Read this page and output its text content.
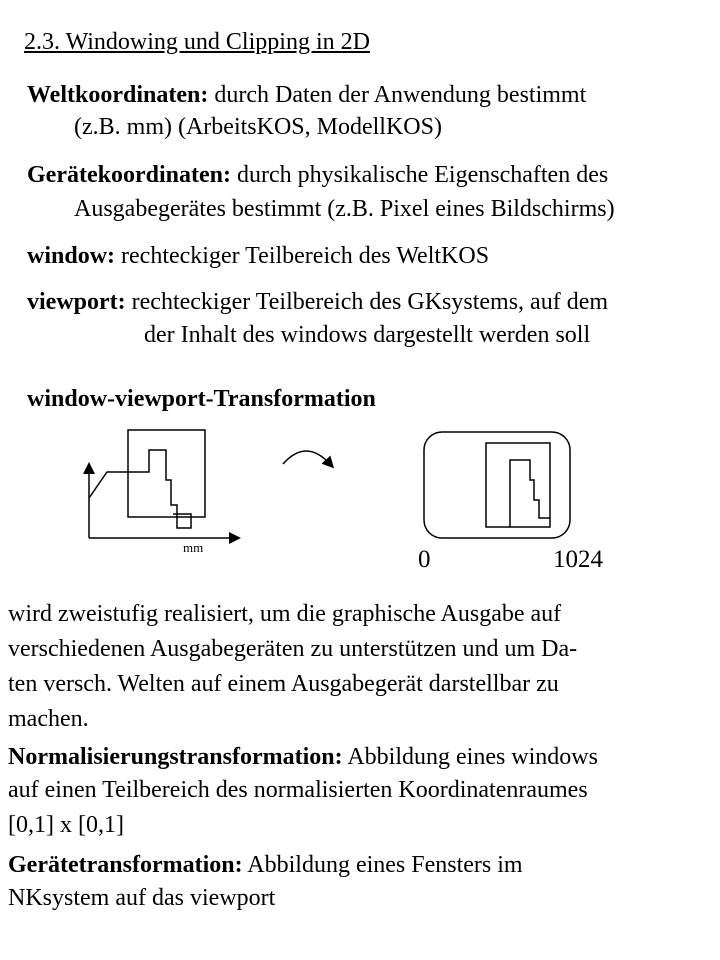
2.3. Windowing und Clipping in 2D
Weltkoordinaten: durch Daten der Anwendung bestimmt
(z.B. mm) (ArbeitsKOS, ModellKOS)
Gerätekoordinaten: durch physikalische Eigenschaften des
Ausgabegerätes bestimmt (z.B. Pixel eines Bildschirms)
window: rechteckiger Teilbereich des WeltKOS
viewport: rechteckiger Teilbereich des GKsystems, auf dem
der Inhalt des windows dargestellt werden soll
window-viewport-Transformation
mm	0	1024
wird zweistufig realisiert, um die graphische Ausgabe auf
verschiedenen Ausgabegeräten zu unterstützen und um Da-
ten versch. Welten auf einem Ausgabegerät darstellbar zu
machen.
Normalisierungstransformation: Abbildung eines windows
auf einen Teilbereich des normalisierten Koordinatenraumes
[0,1] x [0,1]
Gerätetransformation: Abbildung eines Fensters im
NKsystem auf das viewport
